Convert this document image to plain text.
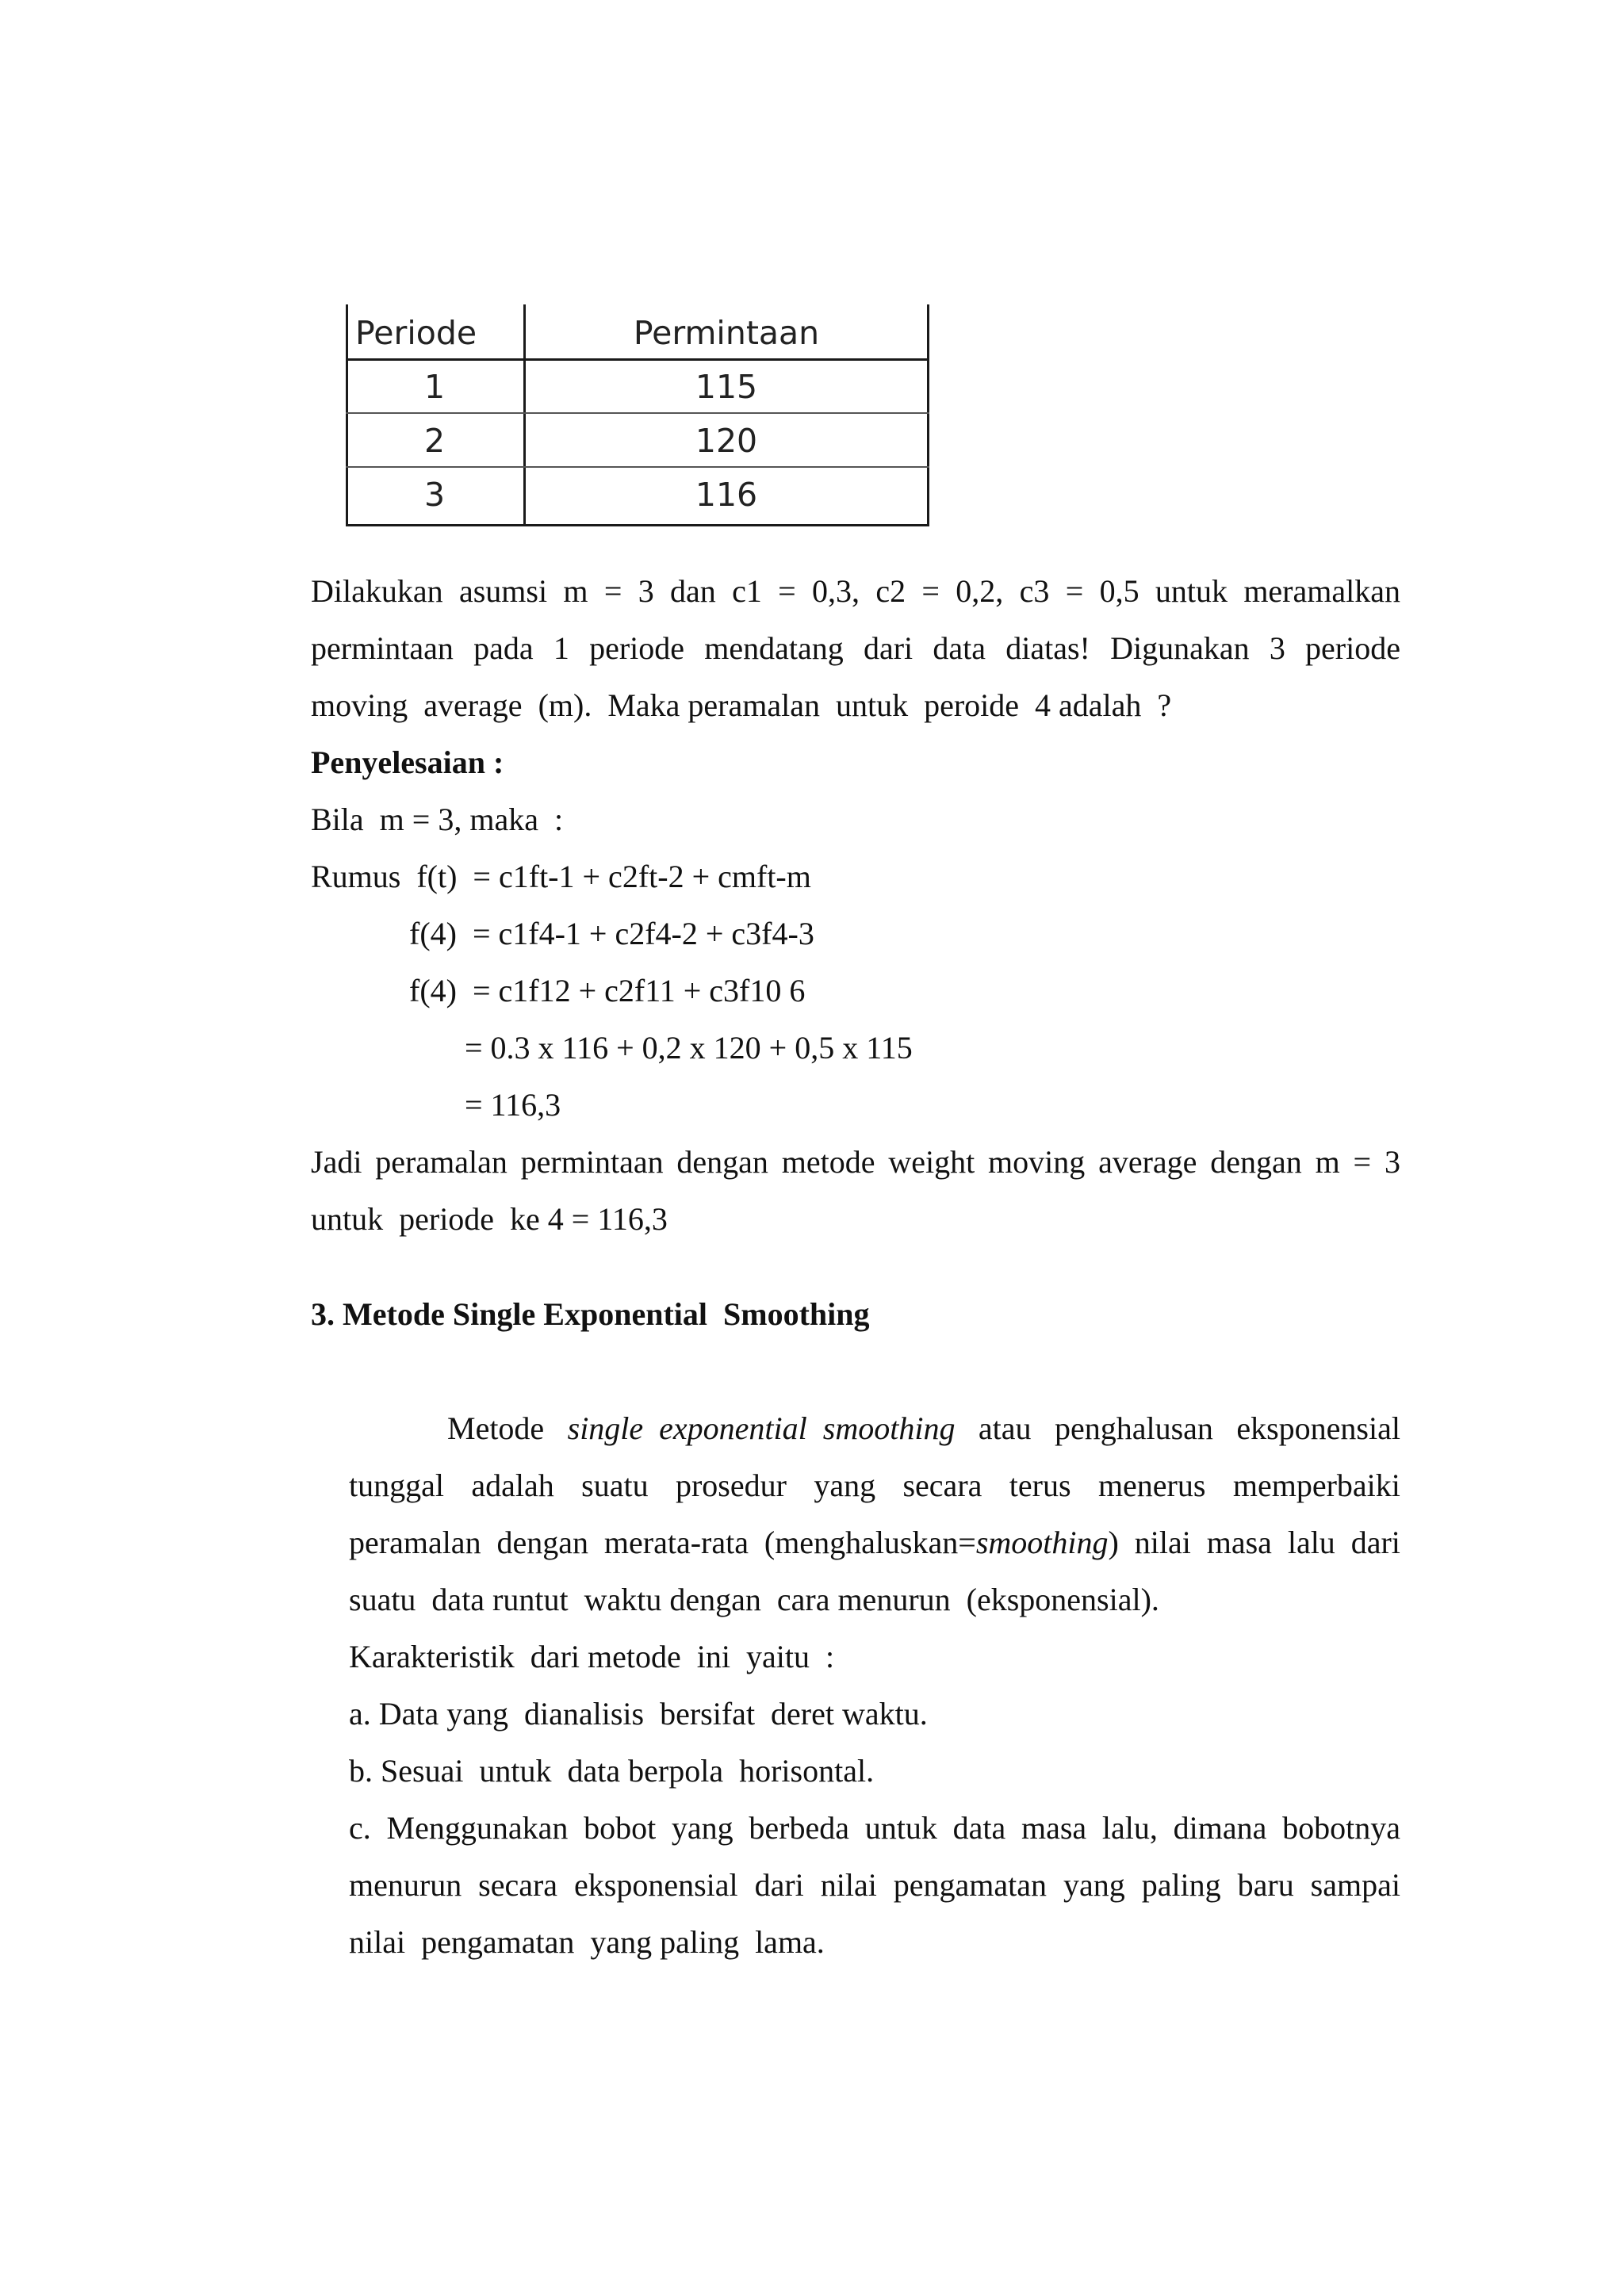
Periode	Permintaan
1	115
2	120
3	116
Dilakukan asumsi m = 3 dan c1 = 0,3, c2 = 0,2, c3 = 0,5 untuk meramalkan
permintaan pada 1 periode mendatang dari data diatas! Digunakan 3 periode
moving  average  (m).  Maka peramalan  untuk  peroide  4 adalah  ?
Penyelesaian :
Bila  m = 3, maka  :
Rumus  f(t)  = c1ft-1 + c2ft-2 + cmft-m
f(4)  = c1f4-1 + c2f4-2 + c3f4-3
f(4)  = c1f12 + c2f11 + c3f10 6
= 0.3 x 116 + 0,2 x 120 + 0,5 x 115
= 116,3
Jadi peramalan permintaan dengan metode weight moving average dengan m = 3
untuk  periode  ke 4 = 116,3
3. Metode Single Exponential  Smoothing
Metode single  exponential  smoothing atau penghalusan eksponensial
tunggal adalah suatu prosedur yang secara terus menerus memperbaiki
peramalan dengan merata-rata (menghaluskan=smoothing) nilai masa lalu dari
suatu  data runtut  waktu dengan  cara menurun  (eksponensial).
Karakteristik  dari metode  ini  yaitu  :
a. Data yang  dianalisis  bersifat  deret waktu.
b. Sesuai  untuk  data berpola  horisontal.
c. Menggunakan bobot yang berbeda untuk data masa lalu, dimana bobotnya
menurun secara eksponensial dari nilai pengamatan yang paling baru sampai
nilai  pengamatan  yang paling  lama.
